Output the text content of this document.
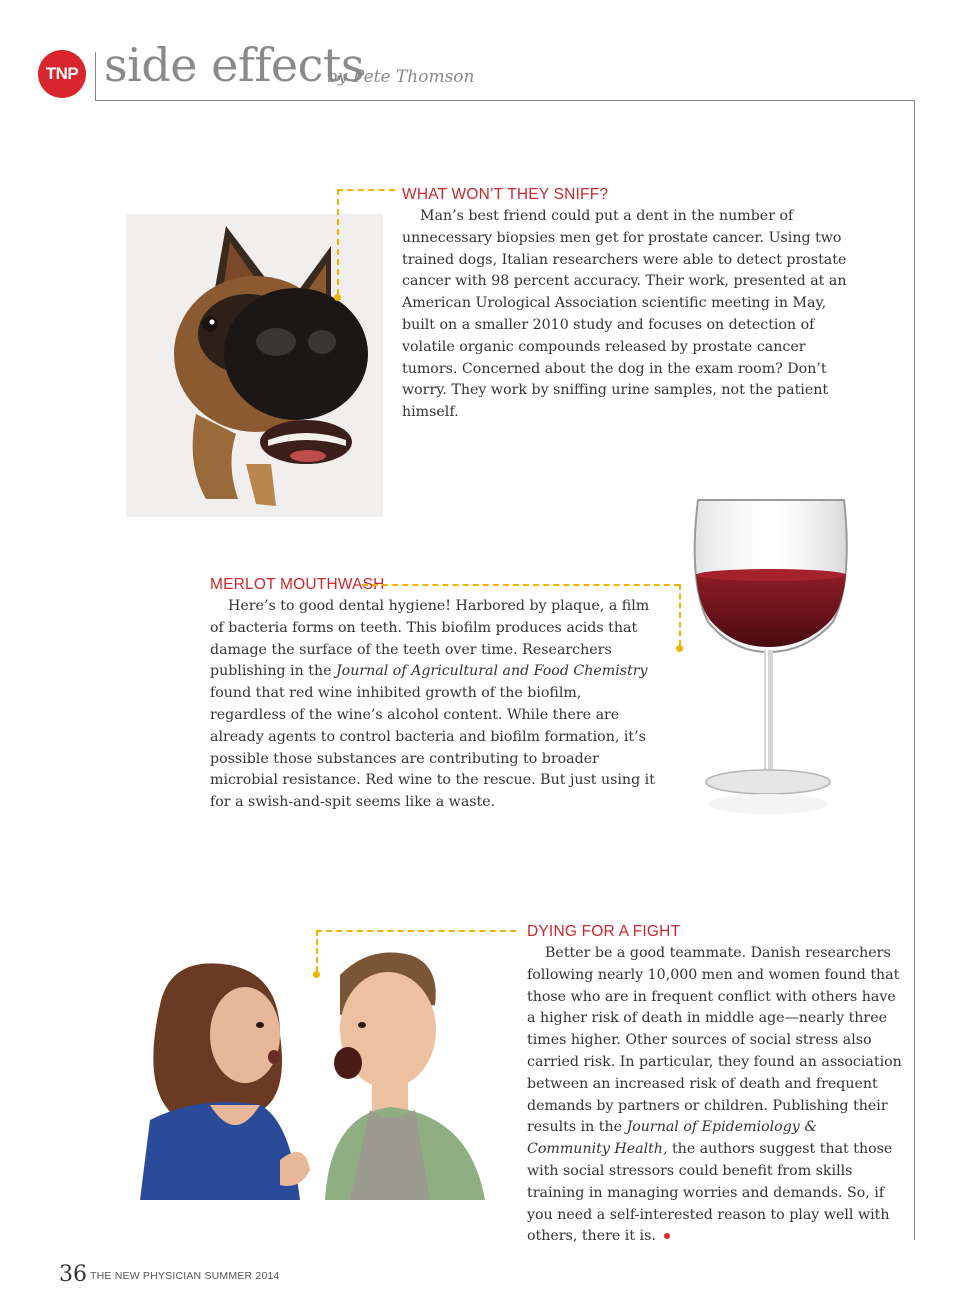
TNP side effects
by Pete Thomson
WHAT WON’T THEY SNIFF?

Man’s best friend could put a dent in the number of unnecessary biopsies men get for prostate cancer. Using two trained dogs, Italian researchers were able to detect prostate cancer with 98 percent accuracy. Their work, presented at an American Urological Association scientific meeting in May, built on a smaller 2010 study and focuses on detection of volatile organic compounds released by prostate cancer tumors. Concerned about the dog in the exam room? Don’t worry. They work by sniffing urine samples, not the patient himself.

MERLOT MOUTHWASH

Here’s to good dental hygiene! Harbored by plaque, a film of bacteria forms on teeth. This biofilm produces acids that damage the surface of the teeth over time. Researchers publishing in the Journal of Agricultural and Food Chemistry found that red wine inhibited growth of the biofilm, regardless of the wine’s alcohol content. While there are already agents to control bacteria and biofilm formation, it’s possible those substances are contributing to broader microbial resistance. Red wine to the rescue. But just using it for a swish-and-spit seems like a waste.

DYING FOR A FIGHT

Better be a good teammate. Danish researchers following nearly 10,000 men and women found that those who are in frequent conflict with others have a higher risk of death in middle age—nearly three times higher. Other sources of social stress also carried risk. In particular, they found an association between an increased risk of death and frequent demands by partners or children. Publishing their results in the Journal of Epidemiology & Community Health, the authors suggest that those with social stressors could benefit from skills training in managing worries and demands. So, if you need a self-interested reason to play well with others, there it is.

36 THE NEW PHYSICIAN SUMMER 2014
